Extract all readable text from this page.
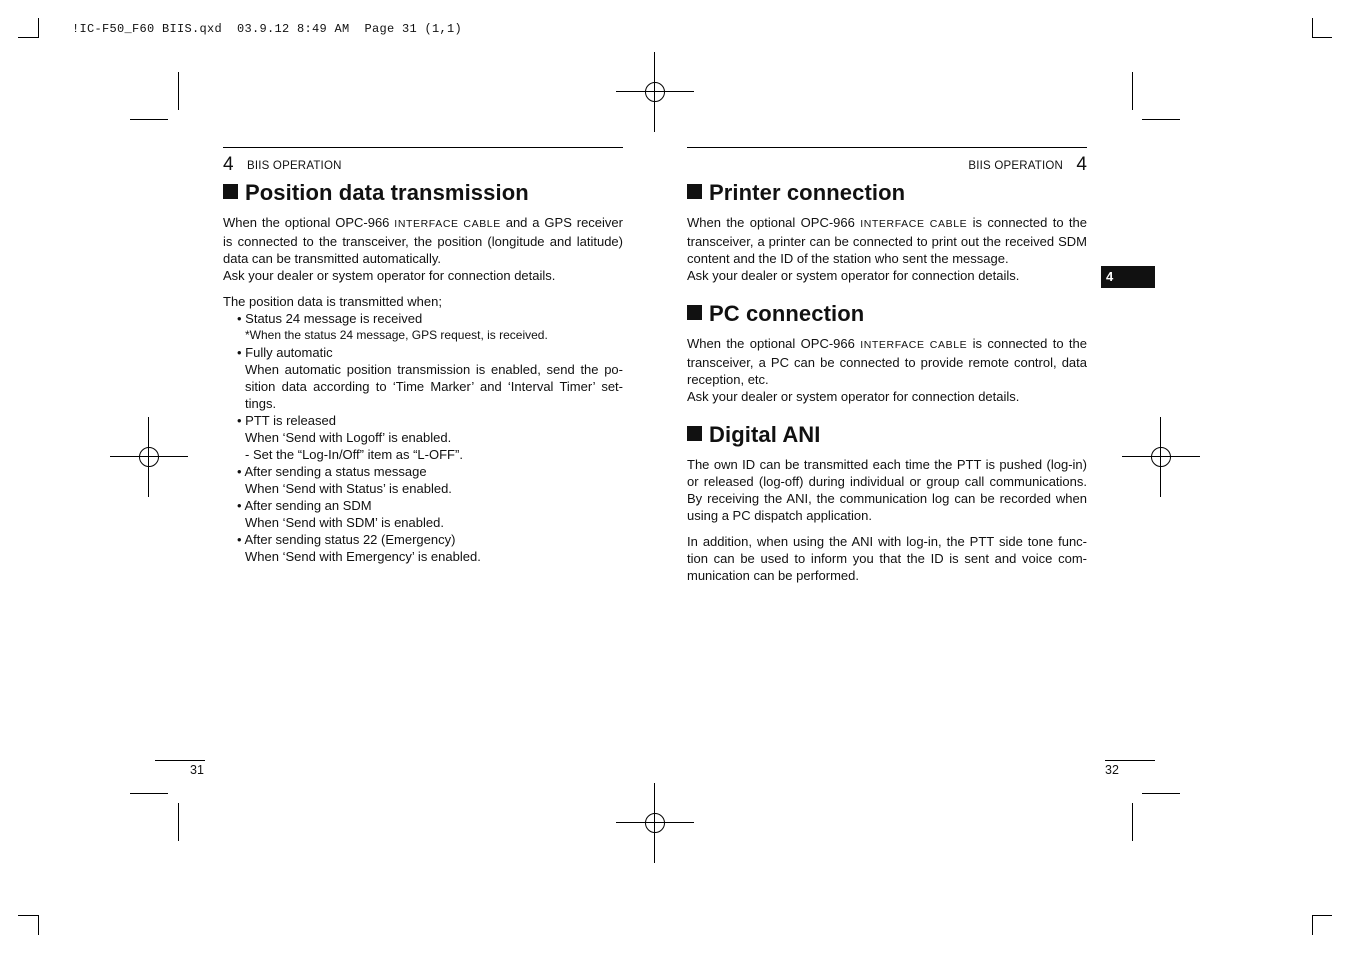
!IC-F50_F60 BIIS.qxd  03.9.12 8:49 AM  Page 31 (1,1)
4 BIIS OPERATION
Position data transmission

When the optional OPC-966 INTERFACE CABLE and a GPS receiver is connected to the transceiver, the position (longitude and latitude) data can be transmitted automatically.

Ask your dealer or system operator for connection details.

The position data is transmitted when;

• Status 24 message is received

*When the status 24 message, GPS request, is received.

• Fully automatic

When automatic position transmission is enabled, send the po-
sition data according to ‘Time Marker’ and ‘Interval Timer’ set-
tings.

• PTT is released

When ‘Send with Logoff’ is enabled.

- Set the “Log-In/Off” item as “L-OFF”.

• After sending a status message

When ‘Send with Status’ is enabled.

• After sending an SDM

When ‘Send with SDM’ is enabled.

• After sending status 22 (Emergency)

When ‘Send with Emergency’ is enabled.

31
BIIS OPERATION 4
Printer connection

When the optional OPC-966 INTERFACE CABLE is connected to the transceiver, a printer can be connected to print out the received SDM content and the ID of the station who sent the message.

Ask your dealer or system operator for connection details.

PC connection

When the optional OPC-966 INTERFACE CABLE is connected to the transceiver, a PC can be connected to provide remote control, data reception, etc.

Ask your dealer or system operator for connection details.

Digital ANI

The own ID can be transmitted each time the PTT is pushed (log-in) or released (log-off) during individual or group call communications. By receiving the ANI, the communication log can be recorded when using a PC dispatch application.

In addition, when using the ANI with log-in, the PTT side tone func-
tion can be used to inform you that the ID is sent and voice com-
munication can be performed.

4
32
